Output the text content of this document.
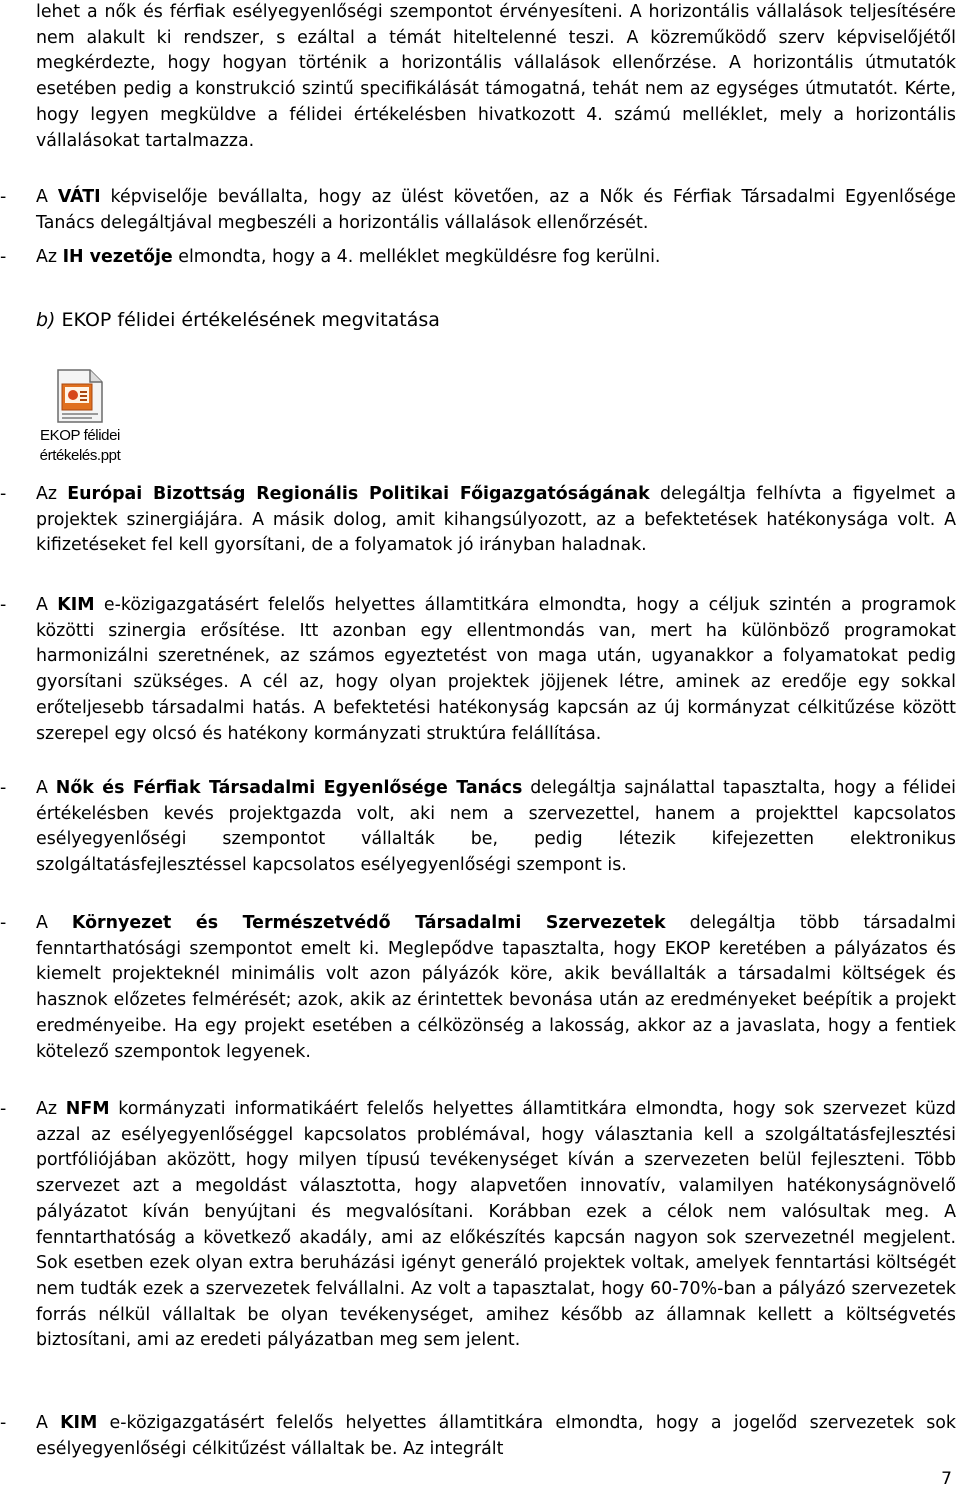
lehet a nők és férfiak esélyegyenlőségi szempontot érvényesíteni. A horizontális vállalások teljesítésére nem alakult ki rendszer, s ezáltal a témát hiteltelenné teszi. A közreműködő szerv képviselőjétől megkérdezte, hogy hogyan történik a horizontális vállalások ellenőrzése. A horizontális útmutatók esetében pedig a konstrukció szintű specifikálását támogatná, tehát nem az egységes útmutatót. Kérte, hogy legyen megküldve a félidei értékelésben hivatkozott 4. számú melléklet, mely a horizontális vállalásokat tartalmazza.

-	A VÁTI képviselője bevállalta, hogy az ülést követően, az a Nők és Férfiak Társadalmi Egyenlősége Tanács delegáltjával megbeszéli a horizontális vállalások ellenőrzését.

-	Az IH vezetője elmondta, hogy a 4. melléklet megküldésre fog kerülni.

b) EKOP félidei értékelésének megvitatása

EKOP félidei
értékelés.ppt
-	Az Európai Bizottság Regionális Politikai Főigazgatóságának delegáltja felhívta a figyelmet a projektek szinergiájára. A másik dolog, amit kihangsúlyozott, az a befektetések hatékonysága volt. A kifizetéseket fel kell gyorsítani, de a folyamatok jó irányban haladnak.

-	A KIM e-közigazgatásért felelős helyettes államtitkára elmondta, hogy a céljuk szintén a programok közötti szinergia erősítése. Itt azonban egy ellentmondás van, mert ha különböző programokat harmonizálni szeretnének, az számos egyeztetést von maga után, ugyanakkor a folyamatokat pedig gyorsítani szükséges. A cél az, hogy olyan projektek jöjjenek létre, aminek az eredője egy sokkal erőteljesebb társadalmi hatás. A befektetési hatékonyság kapcsán az új kormányzat célkitűzése között szerepel egy olcsó és hatékony kormányzati struktúra felállítása.

-	A Nők és Férfiak Társadalmi Egyenlősége Tanács delegáltja sajnálattal tapasztalta, hogy a félidei értékelésben kevés projektgazda volt, aki nem a szervezettel, hanem a projekttel kapcsolatos esélyegyenlőségi szempontot vállalták be, pedig létezik kifejezetten elektronikus szolgáltatásfejlesztéssel kapcsolatos esélyegyenlőségi szempont is.

-	A Környezet és Természetvédő Társadalmi Szervezetek delegáltja több társadalmi fenntarthatósági szempontot emelt ki. Meglepődve tapasztalta, hogy EKOP keretében a pályázatos és kiemelt projekteknél minimális volt azon pályázók köre, akik bevállalták a társadalmi költségek és hasznok előzetes felmérését; azok, akik az érintettek bevonása után az eredményeket beépítik a projekt eredményeibe. Ha egy projekt esetében a célközönség a lakosság, akkor az a javaslata, hogy a fentiek kötelező szempontok legyenek.

-	Az NFM kormányzati informatikáért felelős helyettes államtitkára elmondta, hogy sok szervezet küzd azzal az esélyegyenlőséggel kapcsolatos problémával, hogy választania kell a szolgáltatásfejlesztési portfóliójában aközött, hogy milyen típusú tevékenységet kíván a szervezeten belül fejleszteni. Több szervezet azt a megoldást választotta, hogy alapvetően innovatív, valamilyen hatékonyságnövelő pályázatot kíván benyújtani és megvalósítani. Korábban ezek a célok nem valósultak meg. A fenntarthatóság a következő akadály, ami az előkészítés kapcsán nagyon sok szervezetnél megjelent. Sok esetben ezek olyan extra beruházási igényt generáló projektek voltak, amelyek fenntartási költségét nem tudták ezek a szervezetek felvállalni. Az volt a tapasztalat, hogy 60-70%-ban a pályázó szervezetek forrás nélkül vállaltak be olyan tevékenységet, amihez később az államnak kellett a költségvetés biztosítani, ami az eredeti pályázatban meg sem jelent.

-	A KIM e-közigazgatásért felelős helyettes államtitkára elmondta, hogy a jogelőd szervezetek sok esélyegyenlőségi célkitűzést vállaltak be. Az integrált

7
